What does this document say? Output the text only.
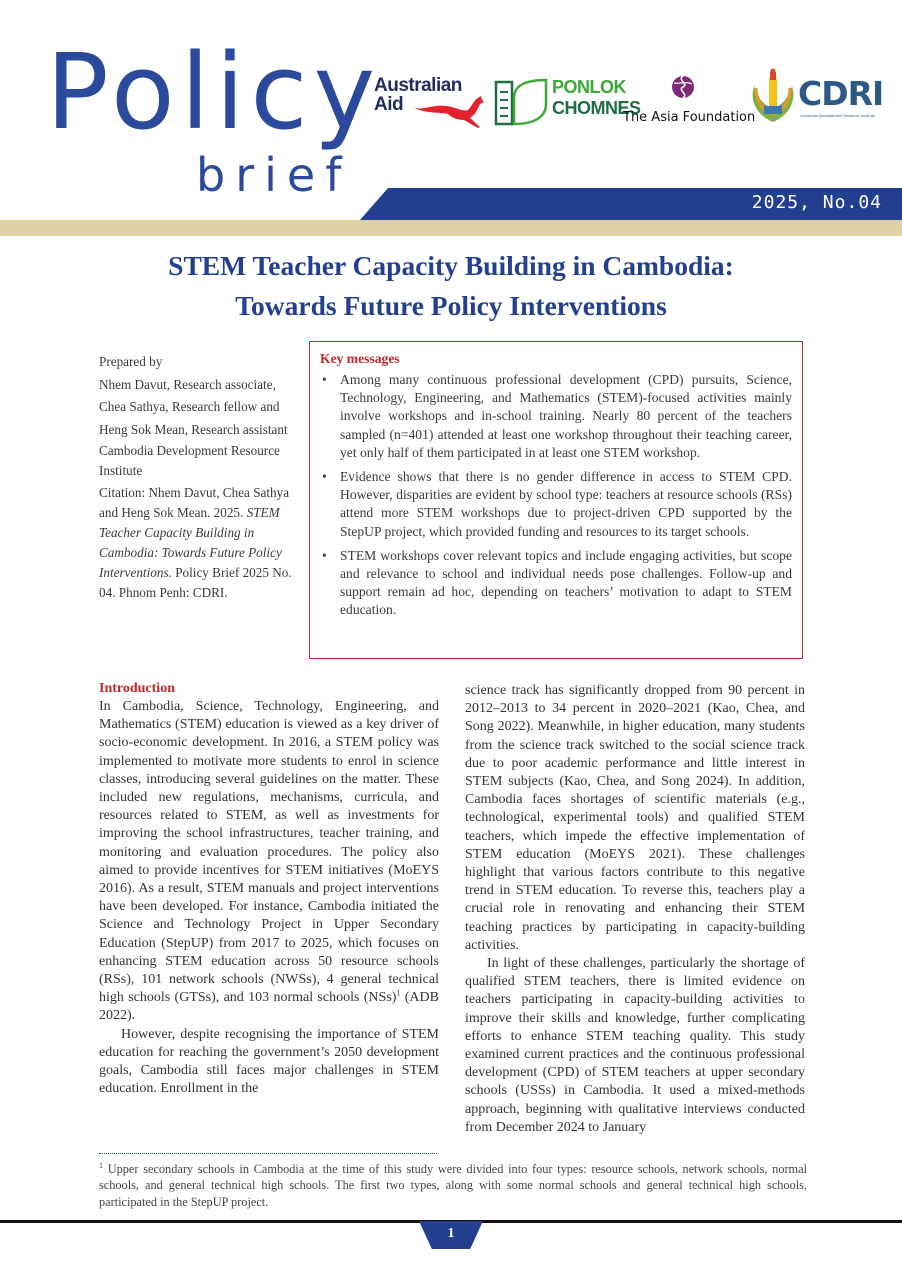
Policy
brief
Australian
Aid
PONLOK
CHOMNES
The Asia Foundation
CDRI
Cambodia Development Resource Institute
2025, No.04
STEM Teacher Capacity Building in Cambodia:
Towards Future Policy Interventions

Prepared by

Nhem Davut, Research associate,

Chea Sathya, Research fellow and

Heng Sok Mean, Research assistant

Cambodia Development Resource Institute

Citation: Nhem Davut, Chea Sathya and Heng Sok Mean. 2025. STEM Teacher Capacity Building in Cambodia: Towards Future Policy Interventions. Policy Brief 2025 No. 04. Phnom Penh: CDRI.

Key messages
• Among many continuous professional development (CPD) pursuits, Science, Technology, Engineering, and Mathematics (STEM)-focused activities mainly involve workshops and in-school training. Nearly 80 percent of the teachers sampled (n=401) attended at least one workshop throughout their teaching career, yet only half of them participated in at least one STEM workshop.
• Evidence shows that there is no gender difference in access to STEM CPD. However, disparities are evident by school type: teachers at resource schools (RSs) attend more STEM workshops due to project-driven CPD supported by the StepUP project, which provided funding and resources to its target schools.
• STEM workshops cover relevant topics and include engaging activities, but scope and relevance to school and individual needs pose challenges. Follow-up and support remain ad hoc, depending on teachers’ motivation to adapt to STEM education.

Introduction

In Cambodia, Science, Technology, Engineering, and Mathematics (STEM) education is viewed as a key driver of socio-economic development. In 2016, a STEM policy was implemented to motivate more students to enrol in science classes, introducing several guidelines on the matter. These included new regulations, mechanisms, curricula, and resources related to STEM, as well as investments for improving the school infrastructures, teacher training, and monitoring and evaluation procedures. The policy also aimed to provide incentives for STEM initiatives (MoEYS 2016). As a result, STEM manuals and project interventions have been developed. For instance, Cambodia initiated the Science and Technology Project in Upper Secondary Education (StepUP) from 2017 to 2025, which focuses on enhancing STEM education across 50 resource schools (RSs), 101 network schools (NWSs), 4 general technical high schools (GTSs), and 103 normal schools (NSs)$^1$ (ADB 2022).

However, despite recognising the importance of STEM education for reaching the government’s 2050 development goals, Cambodia still faces major challenges in STEM education. Enrollment in the

science track has significantly dropped from 90 percent in 2012–2013 to 34 percent in 2020–2021 (Kao, Chea, and Song 2022). Meanwhile, in higher education, many students from the science track switched to the social science track due to poor academic performance and little interest in STEM subjects (Kao, Chea, and Song 2024). In addition, Cambodia faces shortages of scientific materials (e.g., technological, experimental tools) and qualified STEM teachers, which impede the effective implementation of STEM education (MoEYS 2021). These challenges highlight that various factors contribute to this negative trend in STEM education. To reverse this, teachers play a crucial role in renovating and enhancing their STEM teaching practices by participating in capacity-building activities.

In light of these challenges, particularly the shortage of qualified STEM teachers, there is limited evidence on teachers participating in capacity-building activities to improve their skills and knowledge, further complicating efforts to enhance STEM teaching quality. This study examined current practices and the continuous professional development (CPD) of STEM teachers at upper secondary schools (USSs) in Cambodia. It used a mixed-methods approach, beginning with qualitative interviews conducted from December 2024 to January

$^1$ Upper secondary schools in Cambodia at the time of this study were divided into four types: resource schools, network schools, normal schools, and general technical high schools. The first two types, along with some normal schools and general technical high schools, participated in the StepUP project.
1
